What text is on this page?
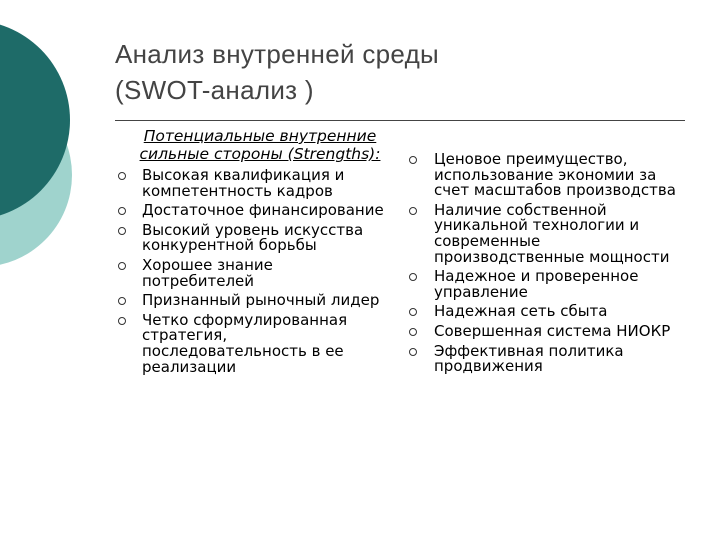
Анализ внутренней среды
(SWOT-анализ )
Потенциальные внутренние сильные стороны (Strengths):
Высокая квалификация и компетентность кадров
Достаточное финансирование
Высокий уровень искусства конкурентной борьбы
Хорошее знание потребителей
Признанный рыночный лидер
Четко сформулированная стратегия, последовательность в ее реализации
Ценовое преимущество, использование экономии за счет масштабов производства
Наличие собственной уникальной технологии и современные производственные мощности
Надежное и проверенное управление
Надежная сеть сбыта
Совершенная система НИОКР
Эффективная политика продвижения
